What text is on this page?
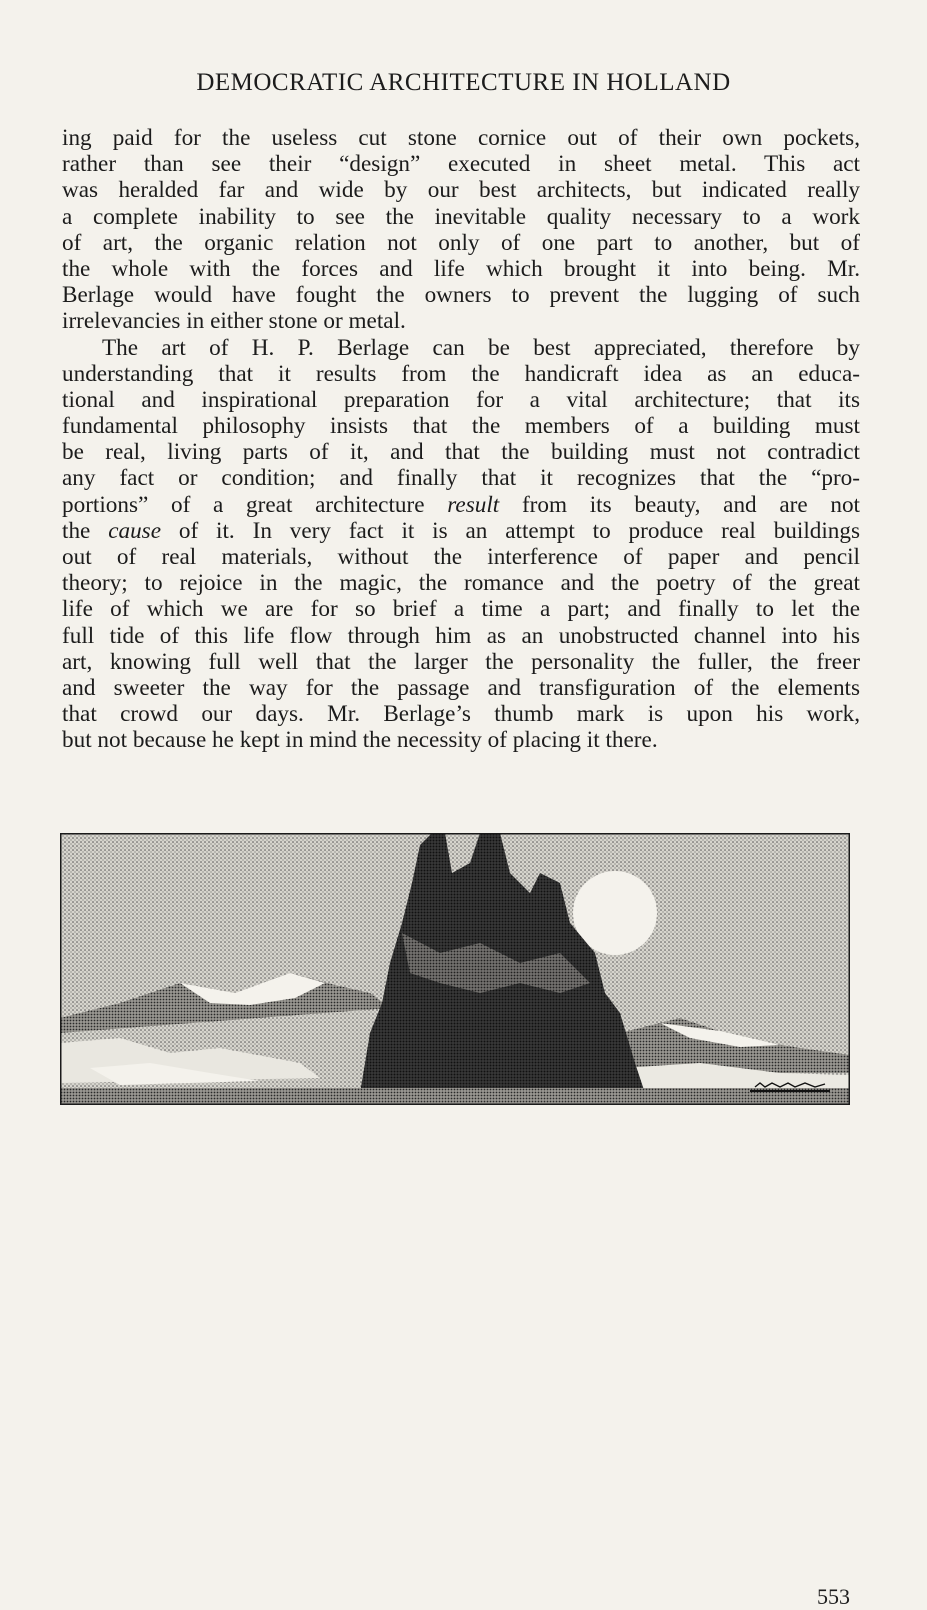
DEMOCRATIC ARCHITECTURE IN HOLLAND
ing paid for the useless cut stone cornice out of their own pockets,
rather than see their “design” executed in sheet metal. This act
was heralded far and wide by our best architects, but indicated really
a complete inability to see the inevitable quality necessary to a work
of art, the organic relation not only of one part to another, but of
the whole with the forces and life which brought it into being. Mr.
Berlage would have fought the owners to prevent the lugging of such
irrelevancies in either stone or metal.
The art of H. P. Berlage can be best appreciated, therefore by
understanding that it results from the handicraft idea as an educa-
tional and inspirational preparation for a vital architecture; that its
fundamental philosophy insists that the members of a building must
be real, living parts of it, and that the building must not contradict
any fact or condition; and finally that it recognizes that the “pro-
portions” of a great architecture result from its beauty, and are not
the cause of it. In very fact it is an attempt to produce real buildings
out of real materials, without the interference of paper and pencil
theory; to rejoice in the magic, the romance and the poetry of the great
life of which we are for so brief a time a part; and finally to let the
full tide of this life flow through him as an unobstructed channel into his
art, knowing full well that the larger the personality the fuller, the freer
and sweeter the way for the passage and transfiguration of the elements
that crowd our days. Mr. Berlage’s thumb mark is upon his work,
but not because he kept in mind the necessity of placing it there.
553
